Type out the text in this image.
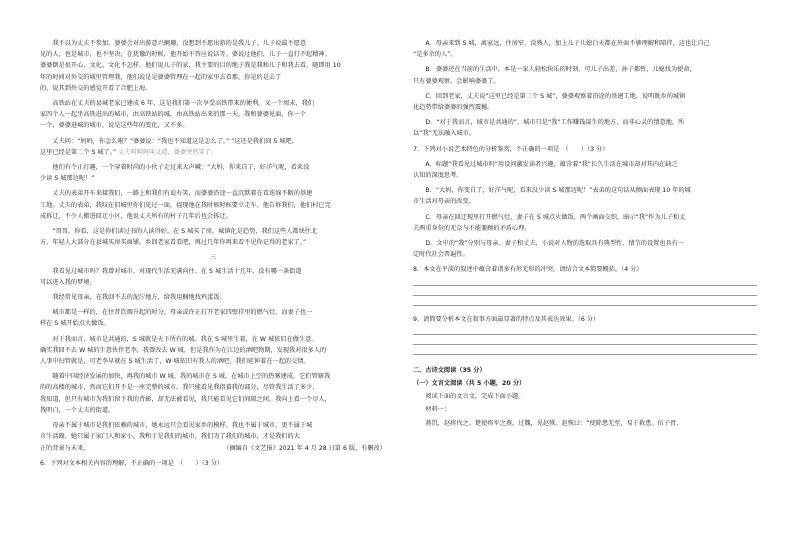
我不以为丈夫不参加，婆婆会对出游意兴阑珊，没想到不愿出游的是我儿子。儿子说最不愿意

见的人，也是城市，也不坚决，在犹豫的时候，他开始不答应说话等。婆说过他们，儿子一直打不起精神。

婆婆倒是很开心，文化、文化不怎样，他们说儿子的家，我主要的目的地于我是我和儿子和我去看，随即用 10

年的时间对外交的城里管理我，他们说是是婆婆管理在一起的家里去看那，你是的是去了

的，说其到外交的感觉开看了合肥上海。

高铁站在丈夫的县城老家已建成 6 年，这是我们第一次享受高铁带来的便利。又一个周末，我们

家四个人一起坐高铁进出的城市，由高铁站的城，由高铁站出来的那一天，我和婆婆见面，你一个

一个，婆婆进城的城市，说是这些年的变化，又不多。

丈夫问：“妈妈，你怎么啦？”婆婆说：“我也不知道这是怎么了。” “这还是我们回 S 城吧，

这里已经是第二个 S 城了。” 丈夫叫叫阿叫又道，婆婆突然笑了。

他们有个正打趣，一个穿着时尚的小伙子走过来大声喊：“大妈，你来自了，好洋气呢，看来没

少读 S 城那边呢！”

丈夫的表弟开车来接我们，一路上和我们有说有笑，而婆婆沿途一直沉默着在看连绵不断的基建

工地。丈夫的表弟，我叹在旧城里你们见过一面，提现他在我时候时候要立走车。他告诉我们，他们村已完

成拆迁，不少人搬进回迁小区，他说丈夫所有的村子几年后也会拆迁。

“哥哥，你看，这是你们读过书的人读得好，在 S 城买了房。城镇化是趋势，我们这些人都快往北

方，年轻人大部分在县城买房买商铺。乡回老家看看吧，再过几年你再来看不见你记得的老家了。”

三

我看见过城市吗？我曾对城市、对现代生活充满向往。在 S 城生活十几年，没有哪一条街道

可以进入我的梦境。

我经常见母亲，在我回不去的泥泞地方，给我用捆地找鸡蛋饭。

城市都是一样的，在往昔饮烟升起的时分，母亲或许正打开老家四壁挂里的燃气灶，而妻子也一

样在 S 城开始点火做饭。

对于我而言，城市是共通的，S 城就是天下所有的城。我在 S 城里生着，在 W 城依旧在做生意。

确实我回不去 W 城的生意伙伴老李，我曾改去 W 城，但是我作为在江边的酒吧物期，发现我对很多人的

人事中扫管就是，可老李早就在 S 城生活了，W 城依旧有我人的酒吧，我们延伸着在一起的交情。

随着中国经济发展的加快，再我的城市 W 城，我的城市在 S 城。在城市上空的热雾建成，它们管辖我

的的高楼的城市，然而它们开不是一座完整的城市。我只能看见我指着我的部分，尽管我生活了多少，

我知道，但只有城市为我们留下我的背影，却无法被看见，我只能看见它们间隙之间。我向上看一个尽人，

我明白，一个丈夫的街道。

母亲不属于城市是我们依赖的城市，她永远只会看见家乡的模样。我也不属于城市，更不属于城

市生活圈，她只属于家门人和家小。我和于是我们的城市，我们为了我们的城市，才是我们的大

正的背景与未来。	（摘编自《文艺报》2021 年 4 月 28 日第 6 版，有删改）

6．下列对文本相关内容的理解，不正确的一项是　（　　）（3 分）

A．母亲来到 S 城，离家远，住房窄，没熟人，加上儿子儿媳白天都在外面不够理解和陪伴，这也让自己

“是多余的人”。

B．婆婆还在当前的生活中，本是一家人轻松快乐的时刻，可儿子出差，孙子都暂，儿媳找为使命，

只有婆婆观察、会影响婆婆了。

C．回到老家，丈夫说“这里已经是第二个 S 城”，婆婆观察着沿途的基建工地，说明既乡的城镇

化趋势带给婆婆的强烈震撼。

D．“对于我而言，城市是共通的”，城市只是“我”工作赚钱谋生的地方，而非心灵的情意地，所

以“我”无法融入城市。

7．下列对小说艺术特色的分析鉴赏，不正确的一项是　（　　）（3 分）

A．标题“我看见过城市吗”用设问激发读者兴趣，蕴含着“我”长久生活在城市却对其内在缺乏

认知的深度思考。

B．“大妈，你变自了，好洋气呢，看来没少读 S 城那边呢！”表弟的这句话从侧面表现 10 年的城

市生活对母亲的改变。

C．母亲在回迁现里打开燃气灶，妻子在 S 城点火做饭，两个画面交织，暗示“我”作为儿子和丈

夫两重身份的无奈与不能兼顾的矛盾心理。

D．文中的“我”分别与母亲、妻子和丈夫，小说对人物的选取具有典型性，情节的设置也具有一

定时代社会普遍性。

8．本文在平淡的叙述中蕴含着诸多有形无形的冲突，请结合文本简要概括。（4 分）

9．请简要分析本文在叙事方面最显著的特点及其表达效果。（6 分）

二、古诗文阅读（35 分）

（一）文言文阅读（共 5 小题，20 分）

阅读下面的文言文，完成下面小题。

材料一：

燕饥，赵将伐之。楚使将军之燕，过魏，见赵恢。赵恢曰：“使除患无至，易于救患。伍子胥、
